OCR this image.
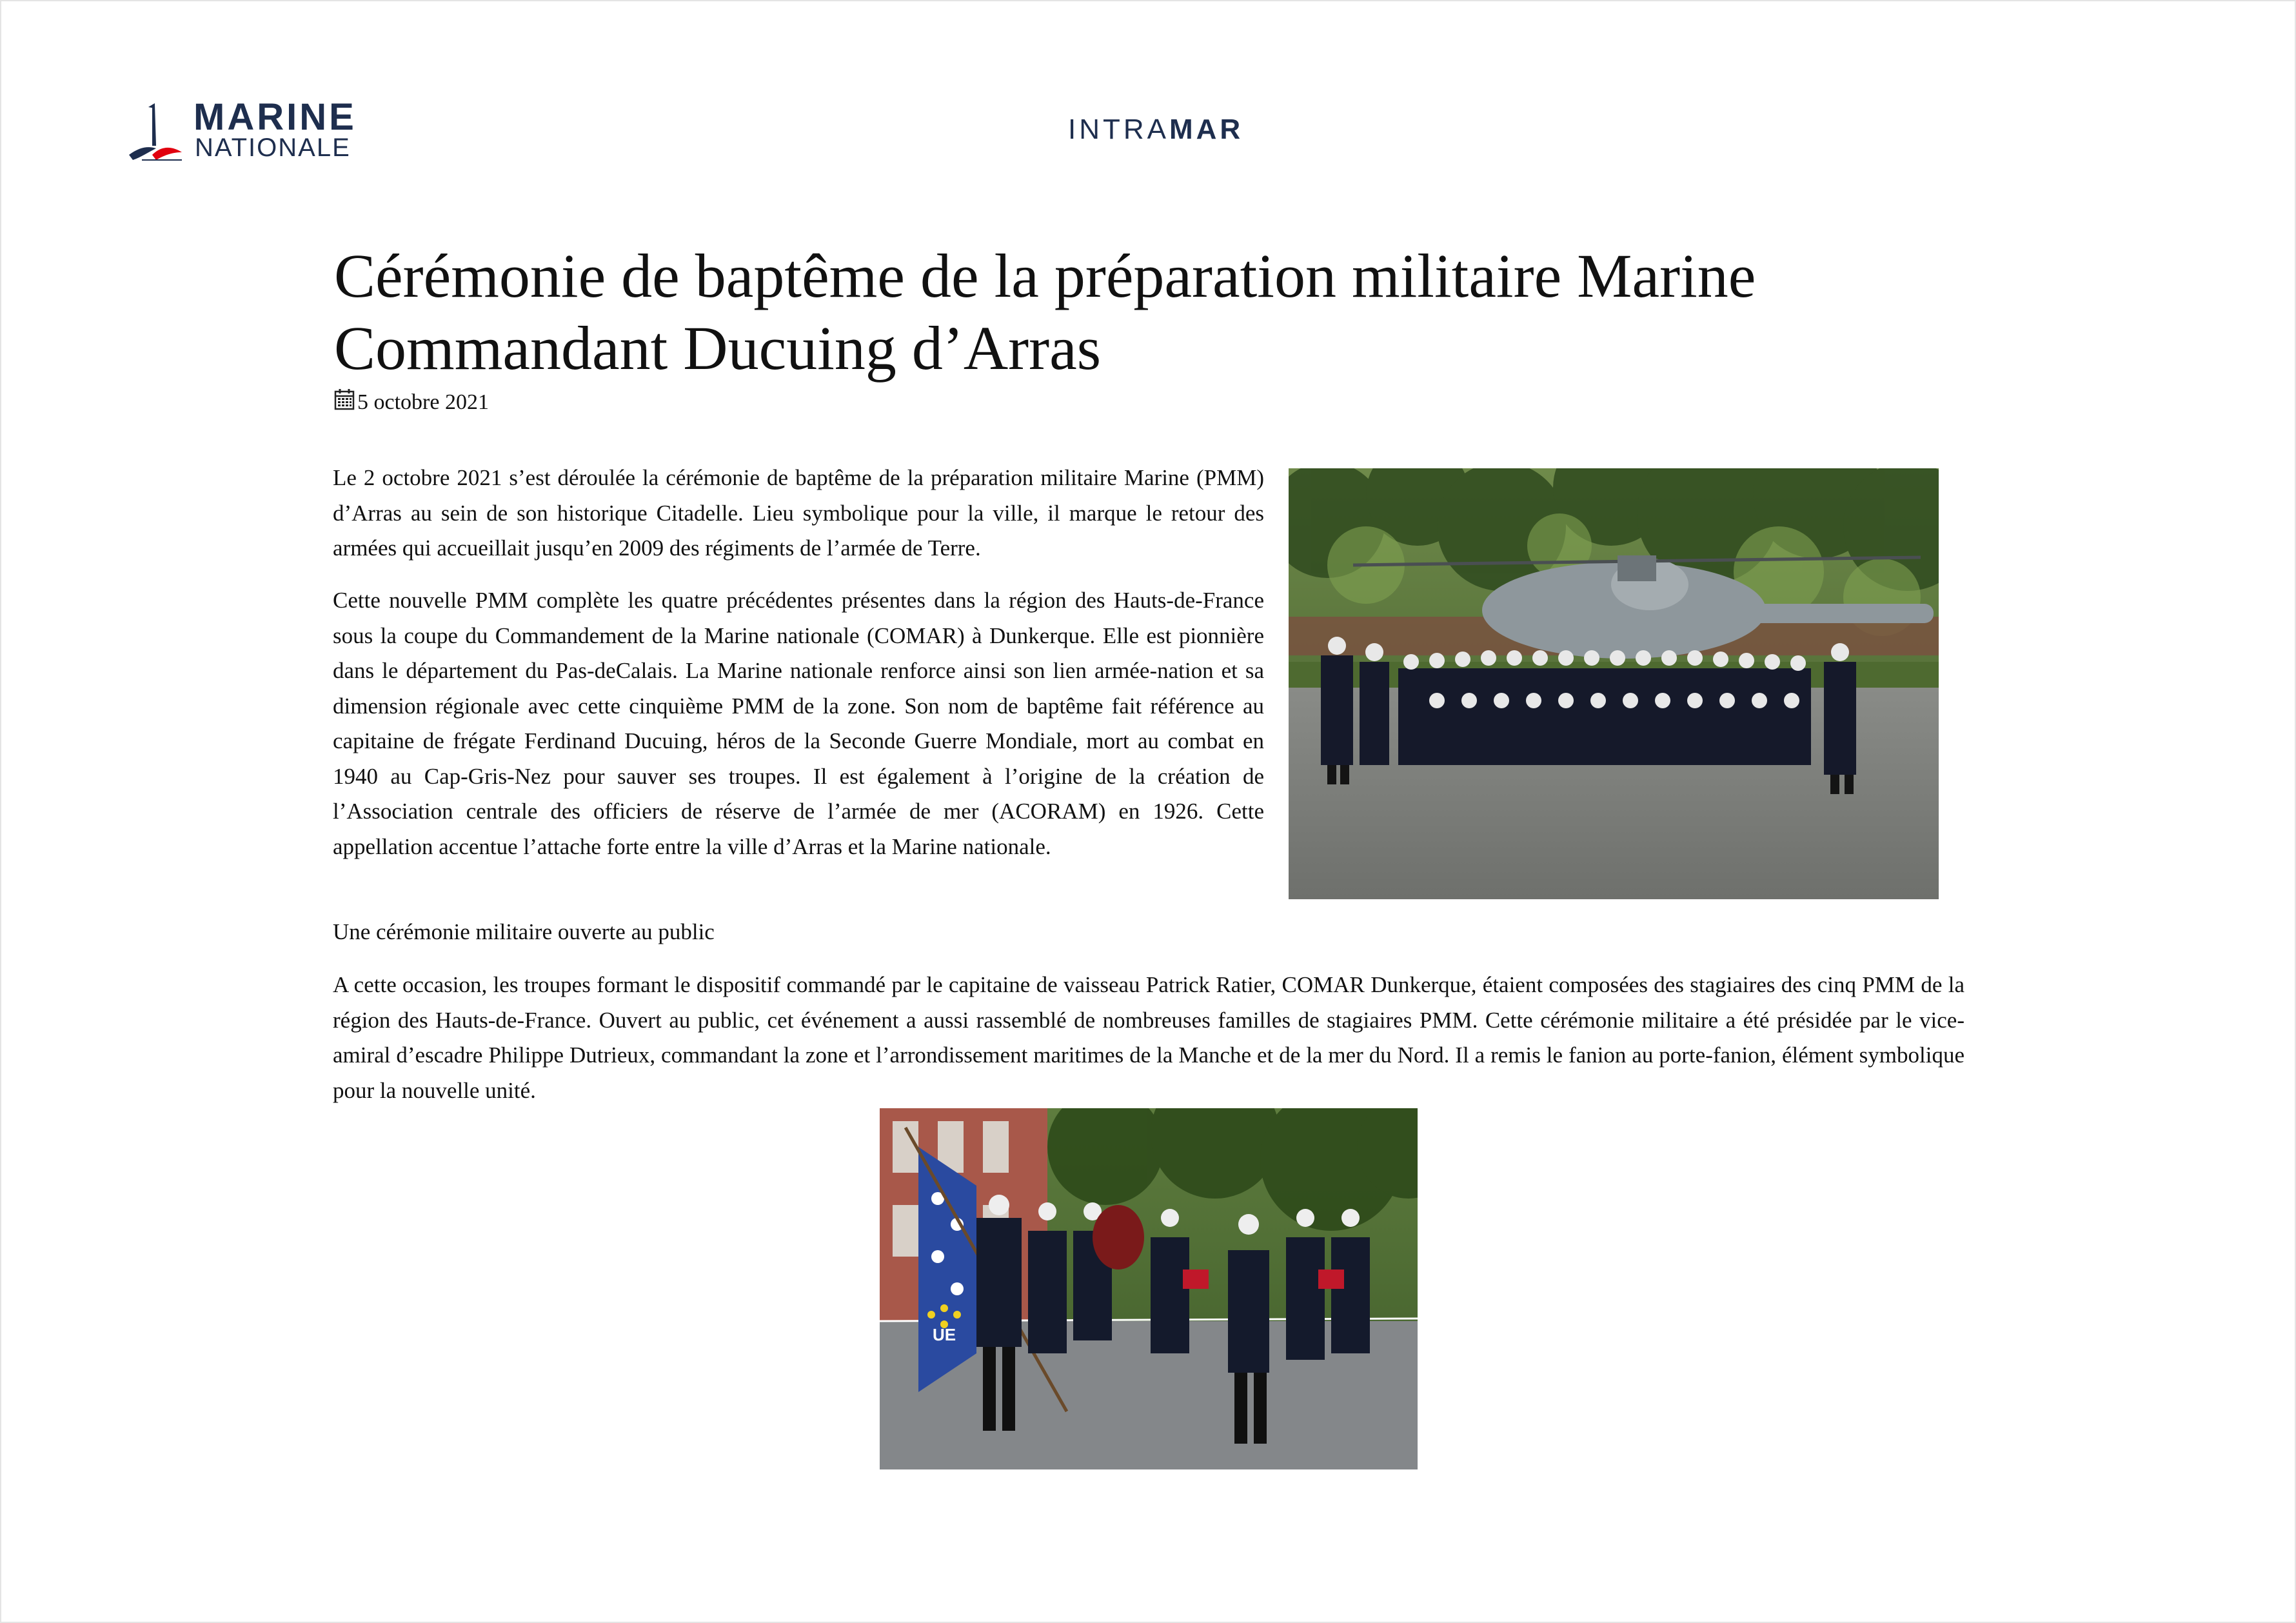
MARINE
NATIONALE
INTRAMAR
Cérémonie de baptême de la préparation militaire Marine Commandant Ducuing d’Arras
5 octobre 2021

Le 2 octobre 2021 s’est déroulée la cérémonie de baptême de la préparation militaire Marine (PMM) d’Arras au sein de son historique Citadelle. Lieu symbolique pour la ville, il marque le retour des armées qui accueillait jusqu’en 2009 des régiments de l’armée de Terre.

Cette nouvelle PMM complète les quatre précédentes présentes dans la région des Hauts-de-France sous la coupe du Commandement de la Marine nationale (COMAR) à Dunkerque. Elle est pionnière dans le département du Pas-deCalais. La Marine nationale renforce ainsi son lien armée-nation et sa dimension régionale avec cette cinquième PMM de la zone. Son nom de baptême fait référence au capitaine de frégate Ferdinand Ducuing, héros de la Seconde Guerre Mondiale, mort au combat en 1940 au Cap-Gris-Nez pour sauver ses troupes. Il est également à l’origine de la création de l’Association centrale des officiers de réserve de l’armée de mer (ACORAM) en 1926. Cette appellation accentue l’attache forte entre la ville d’Arras et la Marine nationale.

Une cérémonie militaire ouverte au public

A cette occasion, les troupes formant le dispositif commandé par le capitaine de vaisseau Patrick Ratier, COMAR Dunkerque, étaient composées des stagiaires des cinq PMM de la région des Hauts-de-France. Ouvert au public, cet événement a aussi rassemblé de nombreuses familles de stagiaires PMM. Cette cérémonie militaire a été présidée par le vice-amiral d’escadre Philippe Dutrieux, commandant la zone et l’arrondissement maritimes de la Manche et de la mer du Nord. Il a remis le fanion au porte-fanion, élément symbolique pour la nouvelle unité.

UE
